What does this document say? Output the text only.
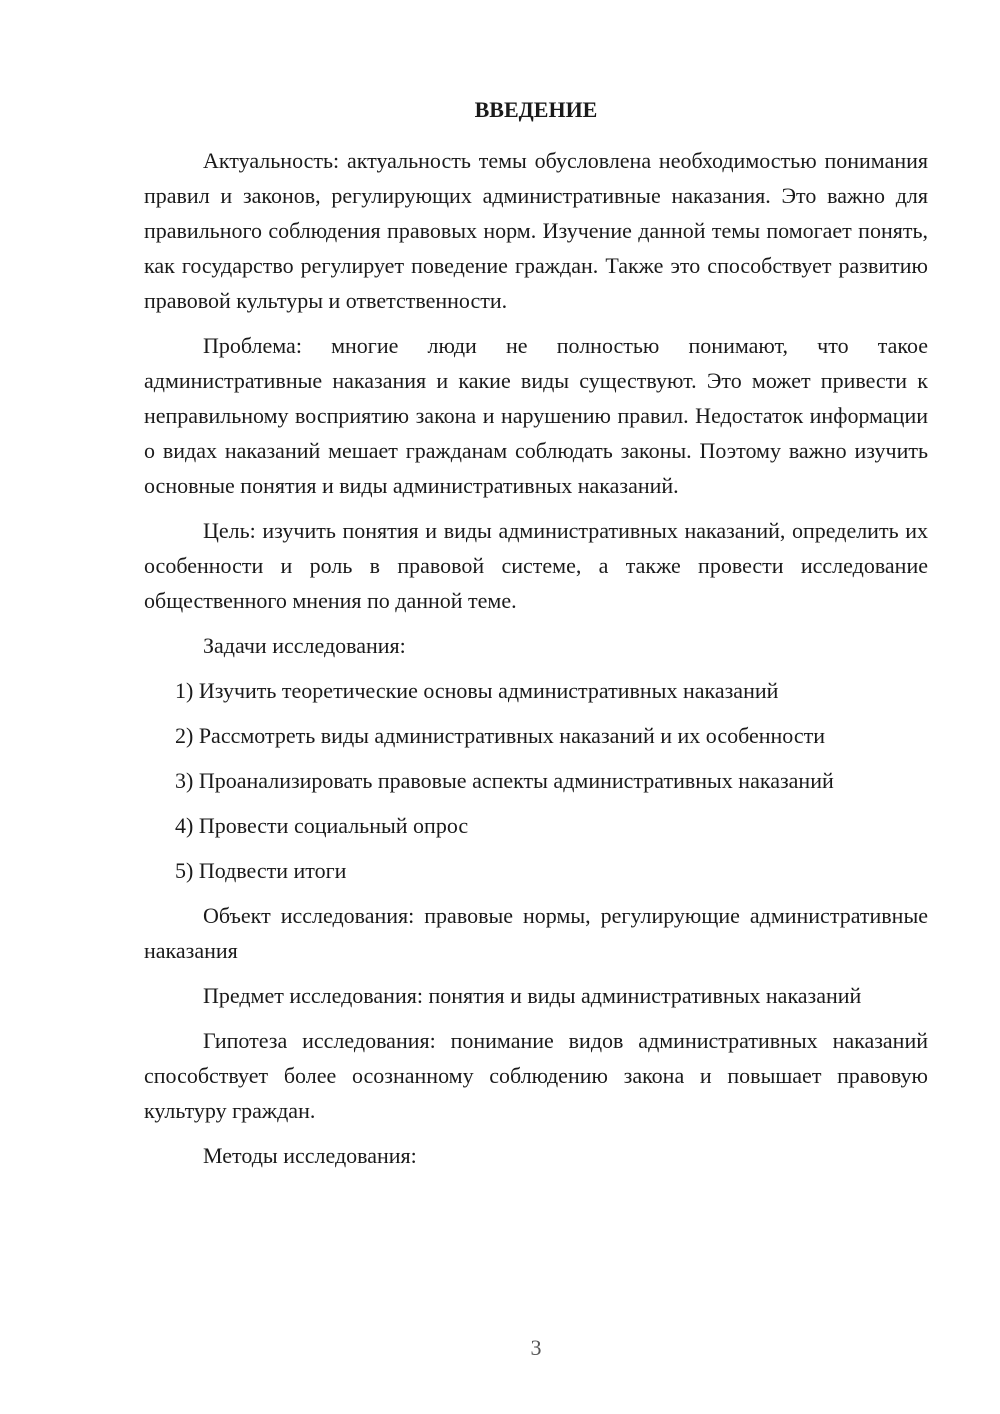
ВВЕДЕНИЕ

Актуальность: актуальность темы обусловлена необходимостью понимания правил и законов, регулирующих административные наказания. Это важно для правильного соблюдения правовых норм. Изучение данной темы помогает понять, как государство регулирует поведение граждан. Также это способствует развитию правовой культуры и ответственности.

Проблема: многие люди не полностью понимают, что такое административные наказания и какие виды существуют. Это может привести к неправильному восприятию закона и нарушению правил. Недостаток информации о видах наказаний мешает гражданам соблюдать законы. Поэтому важно изучить основные понятия и виды административных наказаний.

Цель: изучить понятия и виды административных наказаний, определить их особенности и роль в правовой системе, а также провести исследование общественного мнения по данной теме.

Задачи исследования:

1) Изучить теоретические основы административных наказаний

2) Рассмотреть виды административных наказаний и их особенности

3) Проанализировать правовые аспекты административных наказаний

4) Провести социальный опрос

5) Подвести итоги

Объект исследования: правовые нормы, регулирующие административные наказания

Предмет исследования: понятия и виды административных наказаний

Гипотеза исследования: понимание видов административных наказаний способствует более осознанному соблюдению закона и повышает правовую культуру граждан.

Методы исследования:

3
